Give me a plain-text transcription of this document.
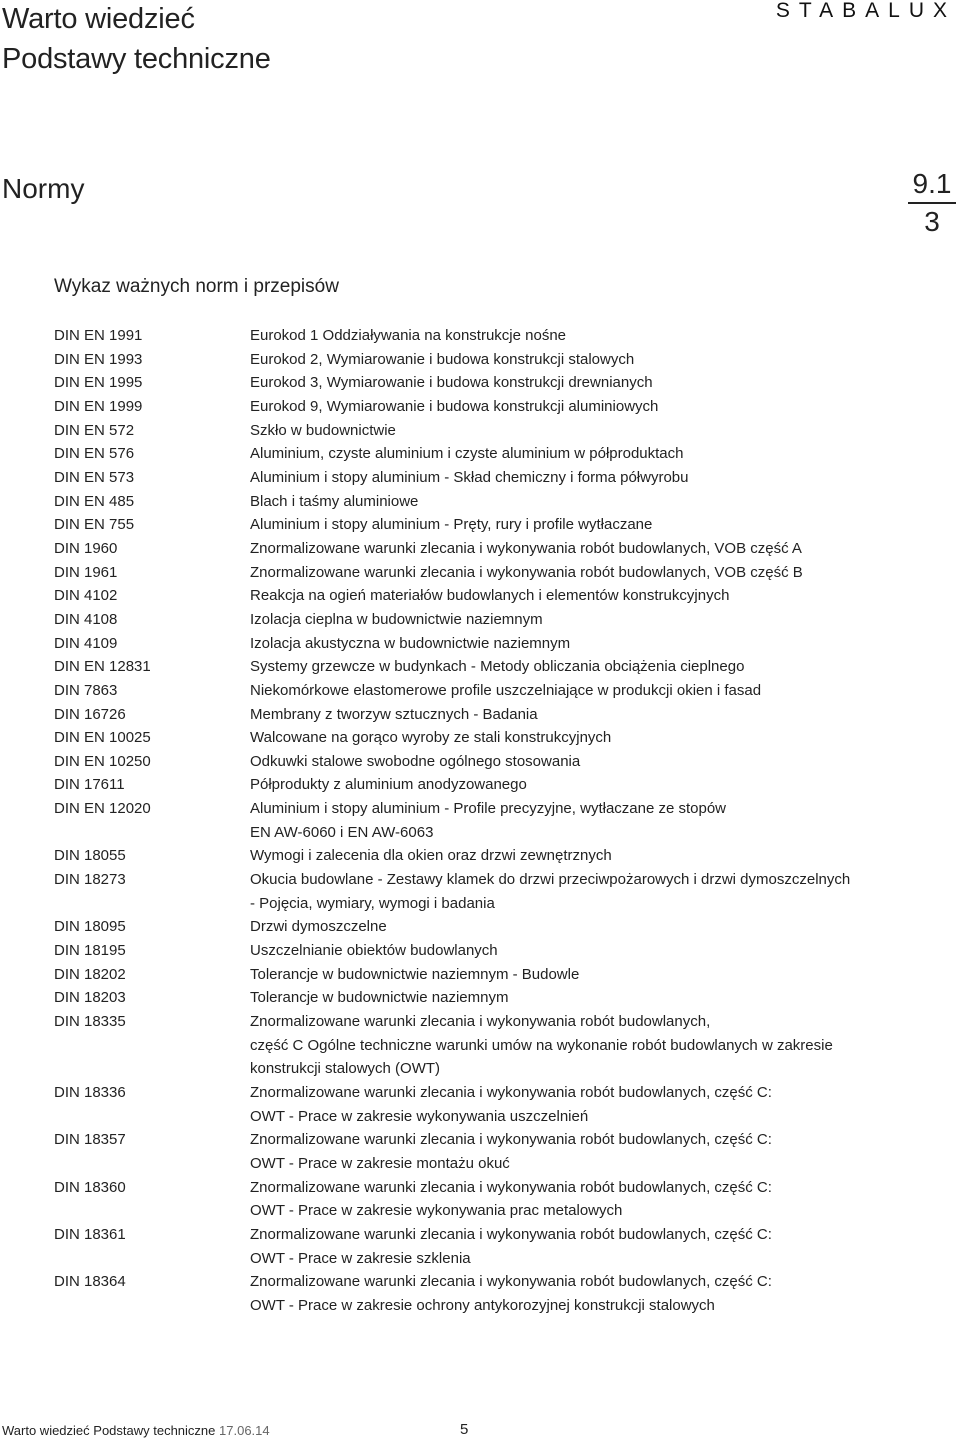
Warto wiedzieć
Podstawy techniczne
STABALUX
Normy	9.1
3
Wykaz ważnych norm i przepisów
DIN EN 1991	Eurokod 1 Oddziaływania na konstrukcje nośne
DIN EN 1993	Eurokod 2, Wymiarowanie i budowa konstrukcji stalowych
DIN EN 1995	Eurokod 3, Wymiarowanie i budowa konstrukcji drewnianych
DIN EN 1999	Eurokod 9, Wymiarowanie i budowa konstrukcji aluminiowych
DIN EN 572	Szkło w budownictwie
DIN EN 576	Aluminium, czyste aluminium i czyste aluminium w półproduktach
DIN EN 573	Aluminium i stopy aluminium - Skład chemiczny i forma półwyrobu
DIN EN 485	Blach i taśmy aluminiowe
DIN EN 755	Aluminium i stopy aluminium - Pręty, rury i profile wytłaczane
DIN 1960	Znormalizowane warunki zlecania i wykonywania robót budowlanych, VOB część A
DIN 1961	Znormalizowane warunki zlecania i wykonywania robót budowlanych, VOB część B
DIN 4102	Reakcja na ogień materiałów budowlanych i elementów konstrukcyjnych
DIN 4108	Izolacja cieplna w budownictwie naziemnym
DIN 4109	Izolacja akustyczna w budownictwie naziemnym
DIN EN 12831	Systemy grzewcze w budynkach - Metody obliczania obciążenia cieplnego
DIN 7863	Niekomórkowe elastomerowe profile uszczelniające w produkcji okien i fasad
DIN 16726	Membrany z tworzyw sztucznych - Badania
DIN EN 10025	Walcowane na gorąco wyroby ze stali konstrukcyjnych
DIN EN 10250	Odkuwki stalowe swobodne ogólnego stosowania
DIN 17611	Półprodukty z aluminium anodyzowanego
DIN EN 12020	Aluminium i stopy aluminium - Profile precyzyjne, wytłaczane ze stopów
EN AW-6060 i EN AW-6063
DIN 18055	Wymogi i zalecenia dla okien oraz drzwi zewnętrznych
DIN 18273	Okucia budowlane - Zestawy klamek do drzwi przeciwpożarowych i drzwi dymoszczelnych
- Pojęcia, wymiary, wymogi i badania
DIN 18095	Drzwi dymoszczelne
DIN 18195	Uszczelnianie obiektów budowlanych
DIN 18202	Tolerancje w budownictwie naziemnym - Budowle
DIN 18203	Tolerancje w budownictwie naziemnym
DIN 18335	Znormalizowane warunki zlecania i wykonywania robót budowlanych,
część C Ogólne techniczne warunki umów na wykonanie robót budowlanych w zakresie
konstrukcji stalowych (OWT)
DIN 18336	Znormalizowane warunki zlecania i wykonywania robót budowlanych, część C:
OWT - Prace w zakresie wykonywania uszczelnień
DIN 18357	Znormalizowane warunki zlecania i wykonywania robót budowlanych, część C:
OWT - Prace w zakresie montażu okuć
DIN 18360	Znormalizowane warunki zlecania i wykonywania robót budowlanych, część C:
OWT - Prace w zakresie wykonywania prac metalowych
DIN 18361	Znormalizowane warunki zlecania i wykonywania robót budowlanych, część C:
OWT - Prace w zakresie szklenia
DIN 18364	Znormalizowane warunki zlecania i wykonywania robót budowlanych, część C:
OWT - Prace w zakresie ochrony antykorozyjnej konstrukcji stalowych
Warto wiedzieć Podstawy techniczne 17.06.14	5
